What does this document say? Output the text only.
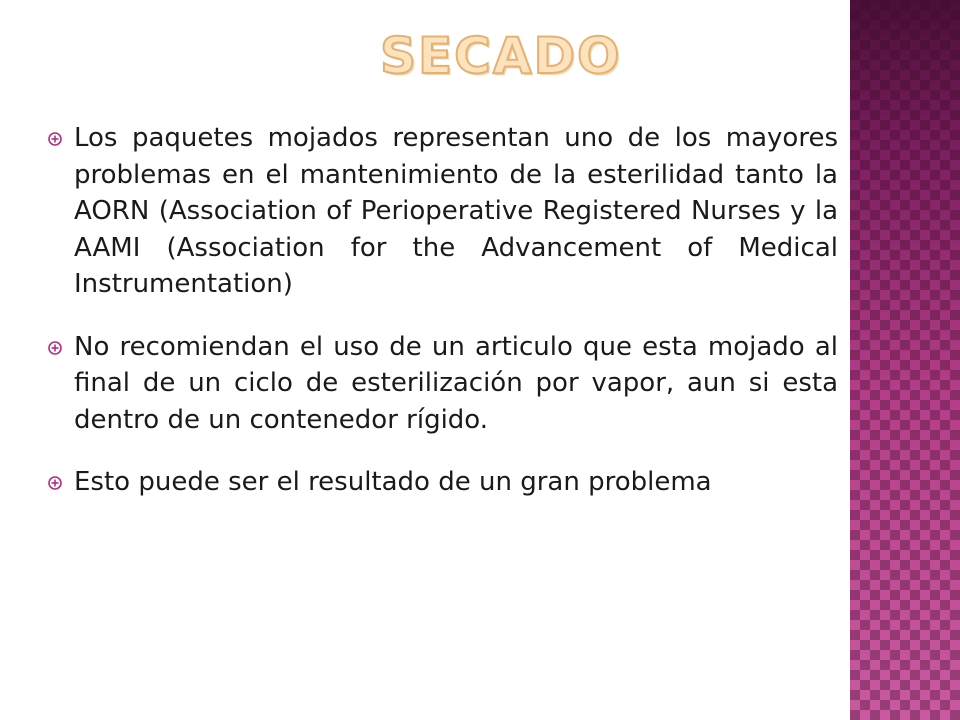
SECADO

Los paquetes mojados representan uno de los mayores problemas en el mantenimiento de la esterilidad tanto la AORN (Association of Perioperative Registered Nurses y la AAMI (Association for the Advancement of Medical Instrumentation)

No recomiendan el uso de un articulo que esta mojado al final de un ciclo de esterilización por vapor, aun si esta dentro de un contenedor rígido.

Esto puede ser el resultado de un gran problema
